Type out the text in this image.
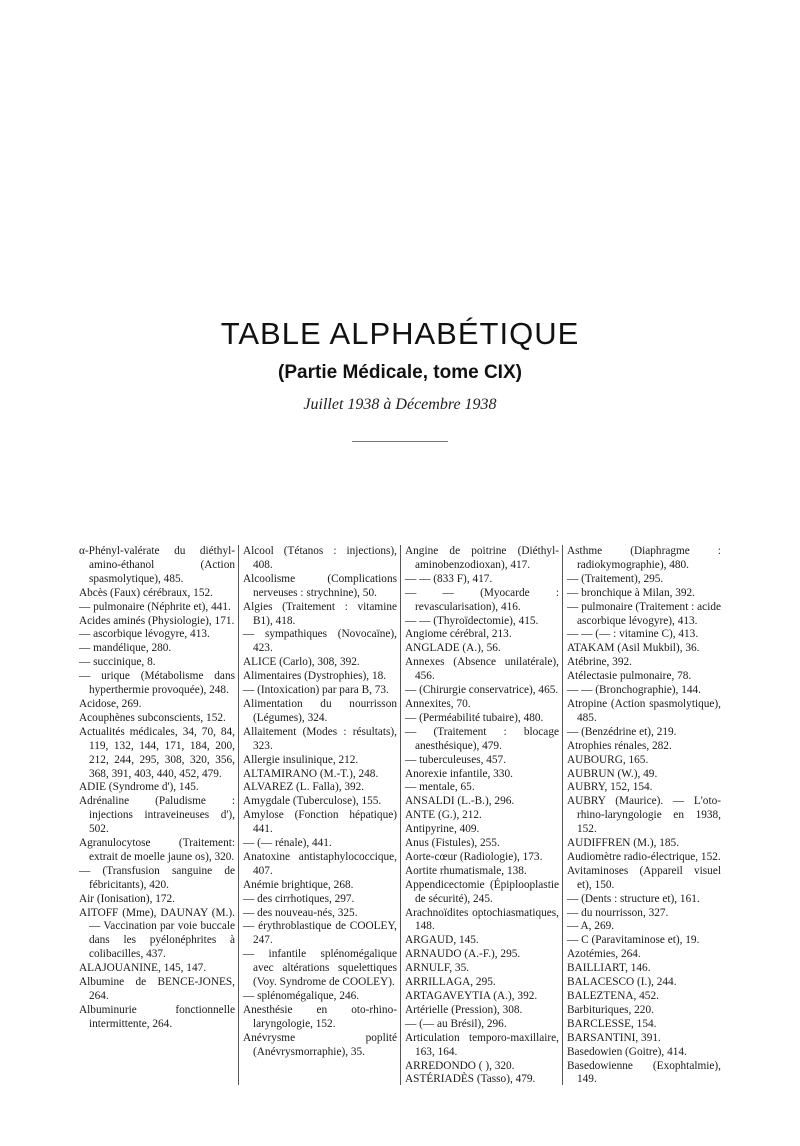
TABLE ALPHABÉTIQUE
(Partie Médicale, tome CIX)
Juillet 1938 à Décembre 1938
α-Phényl-valérate du diéthyl-amino-éthanol (Action spasmolytique), 485.
Abcès (Faux) cérébraux, 152.
— pulmonaire (Néphrite et), 441.
Acides aminés (Physiologie), 171.
— ascorbique lévogyre, 413.
— mandélique, 280.
— succinique, 8.
— urique (Métabolisme dans hyperthermie provoquée), 248.
Acidose, 269.
Acouphènes subconscients, 152.
Actualités médicales, 34, 70, 84, 119, 132, 144, 171, 184, 200, 212, 244, 295, 308, 320, 356, 368, 391, 403, 440, 452, 479.
ADIE (Syndrome d'), 145.
Adrénaline (Paludisme : injections intraveineuses d'), 502.
Agranulocytose (Traitement: extrait de moelle jaune os), 320.
— (Transfusion sanguine de fébricitants), 420.
Air (Ionisation), 172.
AITOFF (Mme), DAUNAY (M.). — Vaccination par voie buccale dans les pyélonéphrites à colibacilles, 437.
ALAJOUANINE, 145, 147.
Albumine de BENCE-JONES, 264.
Albuminurie fonctionnelle intermittente, 264.
Alcool (Tétanos : injections), 408.
Alcoolisme (Complications nerveuses : strychnine), 50.
Algies (Traitement : vitamine B1), 418.
— sympathiques (Novocaïne), 423.
ALICE (Carlo), 308, 392.
Alimentaires (Dystrophies), 18.
— (Intoxication) par para B, 73.
Alimentation du nourrisson (Légumes), 324.
Allaitement (Modes : résultats), 323.
Allergie insulinique, 212.
ALTAMIRANO (M.-T.), 248.
ALVAREZ (L. Falla), 392.
Amygdale (Tuberculose), 155.
Amylose (Fonction hépatique) 441.
— (— rénale), 441.
Anatoxine antistaphylococcique, 407.
Anémie brightique, 268.
— des cirrhotiques, 297.
— des nouveau-nés, 325.
— érythroblastique de COOLEY, 247.
— infantile splénomégalique avec altérations squelettiques (Voy. Syndrome de COOLEY).
— splénomégalique, 246.
Anesthésie en oto-rhino-laryngologie, 152.
Anévrysme poplité (Anévrysmorraphie), 35.
Angine de poitrine (Diéthyl-aminobenzodioxan), 417.
— — (833 F), 417.
— — (Myocarde : revascularisation), 416.
— — (Thyroïdectomie), 415.
Angiome cérébral, 213.
ANGLADE (A.), 56.
Annexes (Absence unilatérale), 456.
— (Chirurgie conservatrice), 465.
Annexites, 70.
— (Perméabilité tubaire), 480.
— (Traitement : blocage anesthésique), 479.
— tuberculeuses, 457.
Anorexie infantile, 330.
— mentale, 65.
ANSALDI (L.-B.), 296.
ANTE (G.), 212.
Antipyrine, 409.
Anus (Fistules), 255.
Aorte-cœur (Radiologie), 173.
Aortite rhumatismale, 138.
Appendicectomie (Épiplooplastie de sécurité), 245.
Arachnoïdites optochiasmatiques, 148.
ARGAUD, 145.
ARNAUDO (A.-F.), 295.
ARNULF, 35.
ARRILLAGA, 295.
ARTAGAVEYTIA (A.), 392.
Artérielle (Pression), 308.
— (— au Brésil), 296.
Articulation temporo-maxillaire, 163, 164.
ARREDONDO ( ), 320.
ASTÉRIADÈS (Tasso), 479.
Asthme (Diaphragme : radiokymographie), 480.
— (Traitement), 295.
— bronchique à Milan, 392.
— pulmonaire (Traitement : acide ascorbique lévogyre), 413.
— — (— : vitamine C), 413.
ATAKAM (Asil Mukbil), 36.
Atébrine, 392.
Atélectasie pulmonaire, 78.
— — (Bronchographie), 144.
Atropine (Action spasmolytique), 485.
— (Benzédrine et), 219.
Atrophies rénales, 282.
AUBOURG, 165.
AUBRUN (W.), 49.
AUBRY, 152, 154.
AUBRY (Maurice). — L'oto-rhino-laryngologie en 1938, 152.
AUDIFFREN (M.), 185.
Audiomètre radio-électrique, 152.
Avitaminoses (Appareil visuel et), 150.
— (Dents : structure et), 161.
— du nourrisson, 327.
— A, 269.
— C (Paravitaminose et), 19.
Azotémies, 264.
BAILLIART, 146.
BALACESCO (I.), 244.
BALEZTENA, 452.
Barbituriques, 220.
BARCLESSE, 154.
BARSANTINI, 391.
Basedowien (Goitre), 414.
Basedowienne (Exophtalmie), 149.
